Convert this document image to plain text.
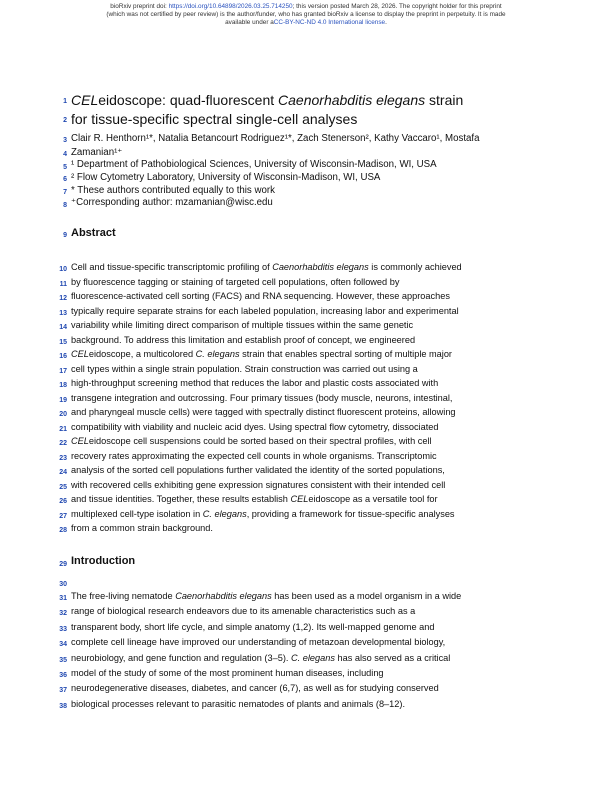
bioRxiv preprint doi: https://doi.org/10.64898/2026.03.25.714250; this version posted March 28, 2026. The copyright holder for this preprint
(which was not certified by peer review) is the author/funder, who has granted bioRxiv a license to display the preprint in perpetuity. It is made
available under aCC-BY-NC-ND 4.0 International license.
1 CELeidoscope: quad-fluorescent Caenorhabditis elegans strain
2 for tissue-specific spectral single-cell analyses
3 Clair R. Henthorn¹*, Natalia Betancourt Rodriguez¹*, Zach Stenerson², Kathy Vaccaro¹, Mostafa
4 Zamanian¹⁺
5 ¹ Department of Pathobiological Sciences, University of Wisconsin-Madison, WI, USA
6 ² Flow Cytometry Laboratory, University of Wisconsin-Madison, WI, USA
7 * These authors contributed equally to this work
8 ⁺Corresponding author: mzamanian@wisc.edu
9 Abstract
10 Cell and tissue-specific transcriptomic profiling of Caenorhabditis elegans is commonly achieved
11 by fluorescence tagging or staining of targeted cell populations, often followed by
12 fluorescence-activated cell sorting (FACS) and RNA sequencing. However, these approaches
13 typically require separate strains for each labeled population, increasing labor and experimental
14 variability while limiting direct comparison of multiple tissues within the same genetic
15 background. To address this limitation and establish proof of concept, we engineered
16 CELeidoscope, a multicolored C. elegans strain that enables spectral sorting of multiple major
17 cell types within a single strain population. Strain construction was carried out using a
18 high-throughput screening method that reduces the labor and plastic costs associated with
19 transgene integration and outcrossing. Four primary tissues (body muscle, neurons, intestinal,
20 and pharyngeal muscle cells) were tagged with spectrally distinct fluorescent proteins, allowing
21 compatibility with viability and nucleic acid dyes. Using spectral flow cytometry, dissociated
22 CELeidoscope cell suspensions could be sorted based on their spectral profiles, with cell
23 recovery rates approximating the expected cell counts in whole organisms. Transcriptomic
24 analysis of the sorted cell populations further validated the identity of the sorted populations,
25 with recovered cells exhibiting gene expression signatures consistent with their intended cell
26 and tissue identities. Together, these results establish CELeidoscope as a versatile tool for
27 multiplexed cell-type isolation in C. elegans, providing a framework for tissue-specific analyses
28 from a common strain background.
29 Introduction
30
31 The free-living nematode Caenorhabditis elegans has been used as a model organism in a wide
32 range of biological research endeavors due to its amenable characteristics such as a
33 transparent body, short life cycle, and simple anatomy (1,2). Its well-mapped genome and
34 complete cell lineage have improved our understanding of metazoan developmental biology,
35 neurobiology, and gene function and regulation (3–5). C. elegans has also served as a critical
36 model of the study of some of the most prominent human diseases, including
37 neurodegenerative diseases, diabetes, and cancer (6,7), as well as for studying conserved
38 biological processes relevant to parasitic nematodes of plants and animals (8–12).
